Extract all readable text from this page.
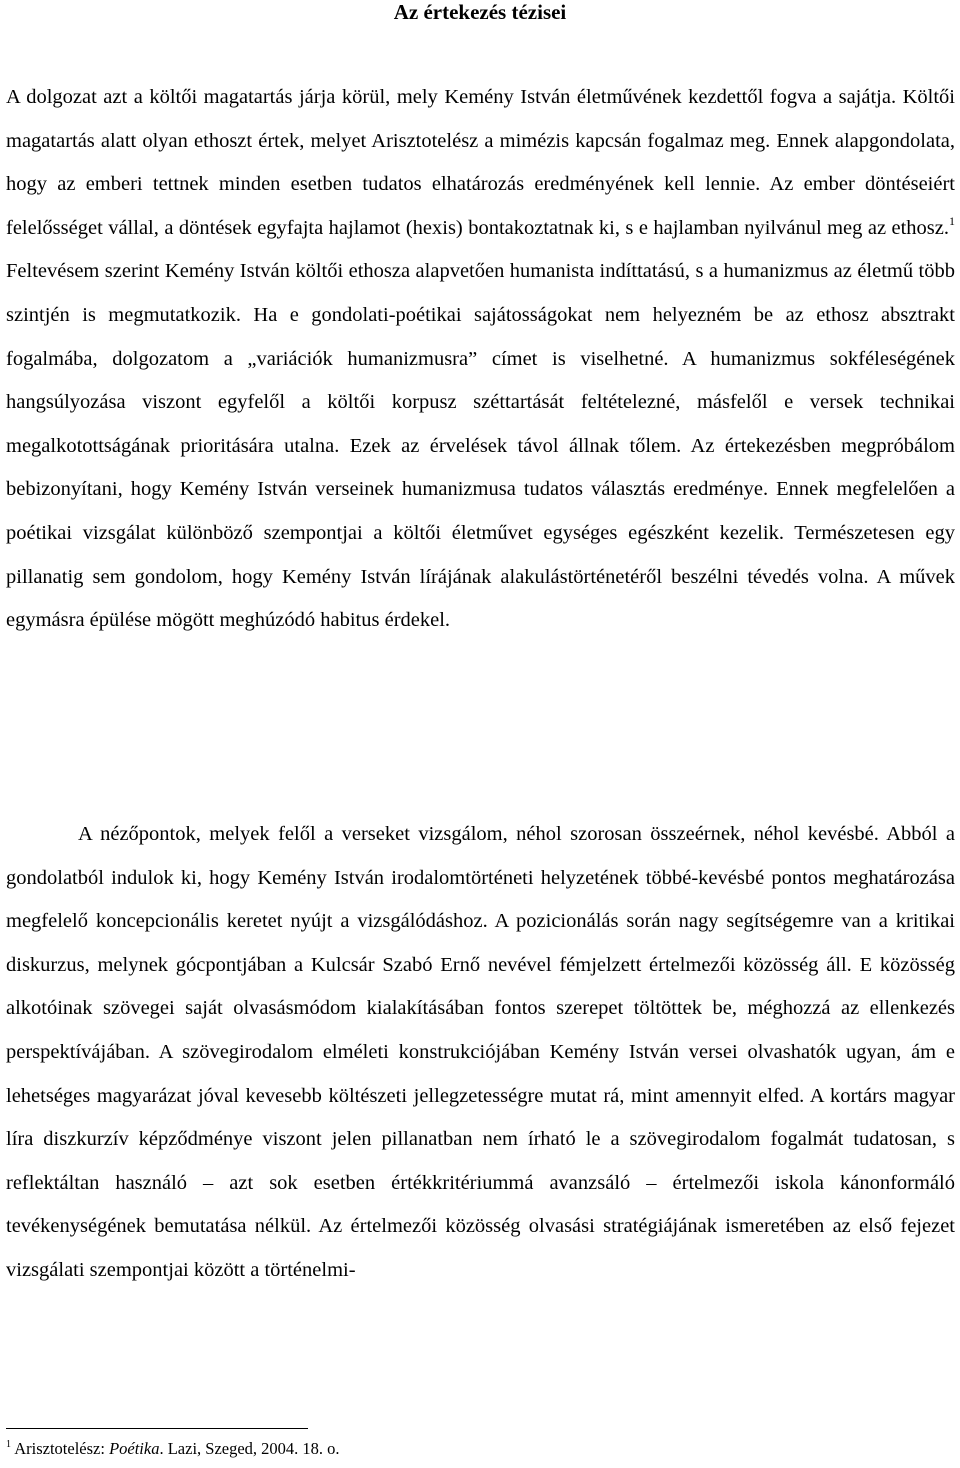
Az értekezés tézisei

A dolgozat azt a költői magatartás járja körül, mely Kemény István életművének kezdettől fogva a sajátja. Költői magatartás alatt olyan ethoszt értek, melyet Arisztotelész a mimézis kapcsán fogalmaz meg. Ennek alapgondolata, hogy az emberi tettnek minden esetben tudatos elhatározás eredményének kell lennie. Az ember döntéseiért felelősséget vállal, a döntések egyfajta hajlamot (hexis) bontakoztatnak ki, s e hajlamban nyilvánul meg az ethosz.$^1$ Feltevésem szerint Kemény István költői ethosza alapvetően humanista indíttatású, s a humanizmus az életmű több szintjén is megmutatkozik. Ha e gondolati-poétikai sajátosságokat nem helyezném be az ethosz absztrakt fogalmába, dolgozatom a „variációk humanizmusra” címet is viselhetné. A humanizmus sokféleségének hangsúlyozása viszont egyfelől a költői korpusz széttartását feltételezné, másfelől e versek technikai megalkotottságának prioritására utalna. Ezek az érvelések távol állnak tőlem. Az értekezésben megpróbálom bebizonyítani, hogy Kemény István verseinek humanizmusa tudatos választás eredménye. Ennek megfelelően a poétikai vizsgálat különböző szempontjai a költői életművet egységes egészként kezelik. Természetesen egy pillanatig sem gondolom, hogy Kemény István lírájának alakulástörténetéről beszélni tévedés volna. A művek egymásra épülése mögött meghúzódó habitus érdekel.

A nézőpontok, melyek felől a verseket vizsgálom, néhol szorosan összeérnek, néhol kevésbé. Abból a gondolatból indulok ki, hogy Kemény István irodalomtörténeti helyzetének többé-kevésbé pontos meghatározása megfelelő koncepcionális keretet nyújt a vizsgálódáshoz. A pozicionálás során nagy segítségemre van a kritikai diskurzus, melynek gócpontjában a Kulcsár Szabó Ernő nevével fémjelzett értelmezői közösség áll. E közösség alkotóinak szövegei saját olvasásmódom kialakításában fontos szerepet töltöttek be, méghozzá az ellenkezés perspektívájában. A szövegirodalom elméleti konstrukciójában Kemény István versei olvashatók ugyan, ám e lehetséges magyarázat jóval kevesebb költészeti jellegzetességre mutat rá, mint amennyit elfed. A kortárs magyar líra diszkurzív képződménye viszont jelen pillanatban nem írható le a szövegirodalom fogalmát tudatosan, s reflektáltan használó – azt sok esetben értékkritériummá avanzsáló – értelmezői iskola kánonformáló tevékenységének bemutatása nélkül. Az értelmezői közösség olvasási stratégiájának ismeretében az első fejezet vizsgálati szempontjai között a történelmi-

$^1$ Arisztotelész: Poétika. Lazi, Szeged, 2004. 18. o.
